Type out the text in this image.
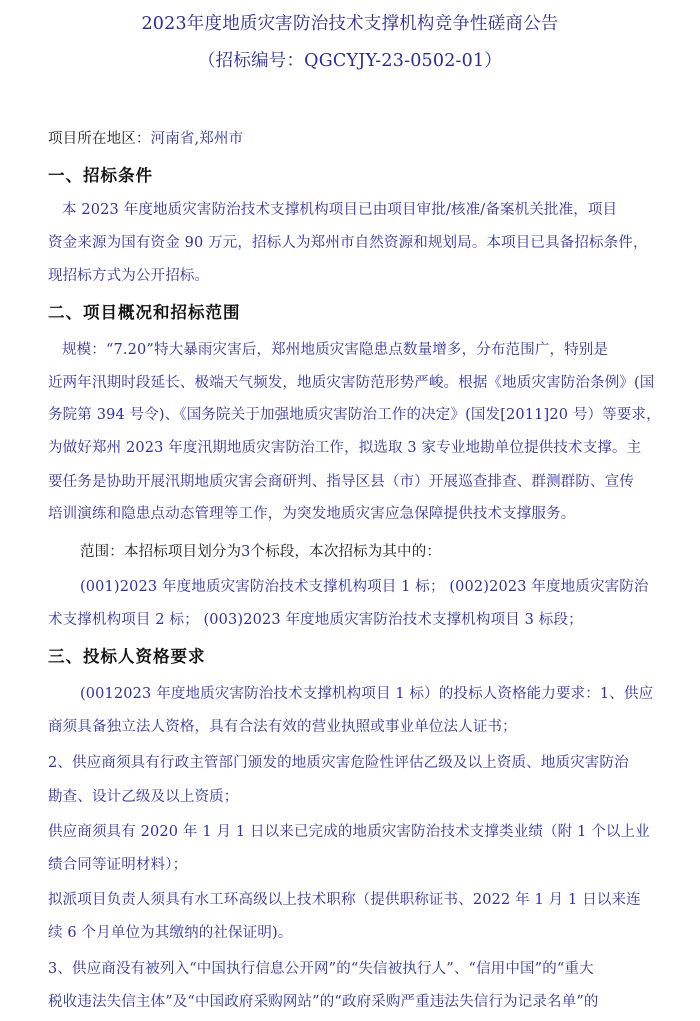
2023年度地质灾害防治技术支撑机构竞争性磋商公告
（招标编号：QGCYJY-23-0502-01）
项目所在地区：河南省,郑州市
一、招标条件
本 2023 年度地质灾害防治技术支撑机构项目已由项目审批/核准/备案机关批准，项目
资金来源为国有资金 90 万元，招标人为郑州市自然资源和规划局。本项目已具备招标条件，
现招标方式为公开招标。
二、项目概况和招标范围
规模：“7.20”特大暴雨灾害后，郑州地质灾害隐患点数量增多，分布范围广，特别是
近两年汛期时段延长、极端天气频发，地质灾害防范形势严峻。根据《地质灾害防治条例》(国
务院第 394 号令)、《国务院关于加强地质灾害防治工作的决定》(国发[2011]20 号）等要求，
为做好郑州 2023 年度汛期地质灾害防治工作，拟选取 3 家专业地勘单位提供技术支撑。主
要任务是协助开展汛期地质灾害会商研判、指导区县（市）开展巡查排查、群测群防、宣传
培训演练和隐患点动态管理等工作，为突发地质灾害应急保障提供技术支撑服务。
范围：本招标项目划分为3个标段，本次招标为其中的：
(001)2023 年度地质灾害防治技术支撑机构项目 1 标； (002)2023 年度地质灾害防治
术支撑机构项目 2 标； (003)2023 年度地质灾害防治技术支撑机构项目 3 标段；
三、投标人资格要求
(0012023 年度地质灾害防治技术支撑机构项目 1 标）的投标人资格能力要求：1、供应
商须具备独立法人资格，具有合法有效的营业执照或事业单位法人证书；
2、供应商须具有行政主管部门颁发的地质灾害危险性评估乙级及以上资质、地质灾害防治
勘查、设计乙级及以上资质；
供应商须具有 2020 年 1 月 1 日以来已完成的地质灾害防治技术支撑类业绩（附 1 个以上业
绩合同等证明材料）；
拟派项目负责人须具有水工环高级以上技术职称（提供职称证书、2022 年 1 月 1 日以来连
续 6 个月单位为其缴纳的社保证明)。
3、供应商没有被列入“中国执行信息公开网”的“失信被执行人”、“信用中国”的“重大
税收违法失信主体”及“中国政府采购网站”的“政府采购严重违法失信行为记录名单”的
